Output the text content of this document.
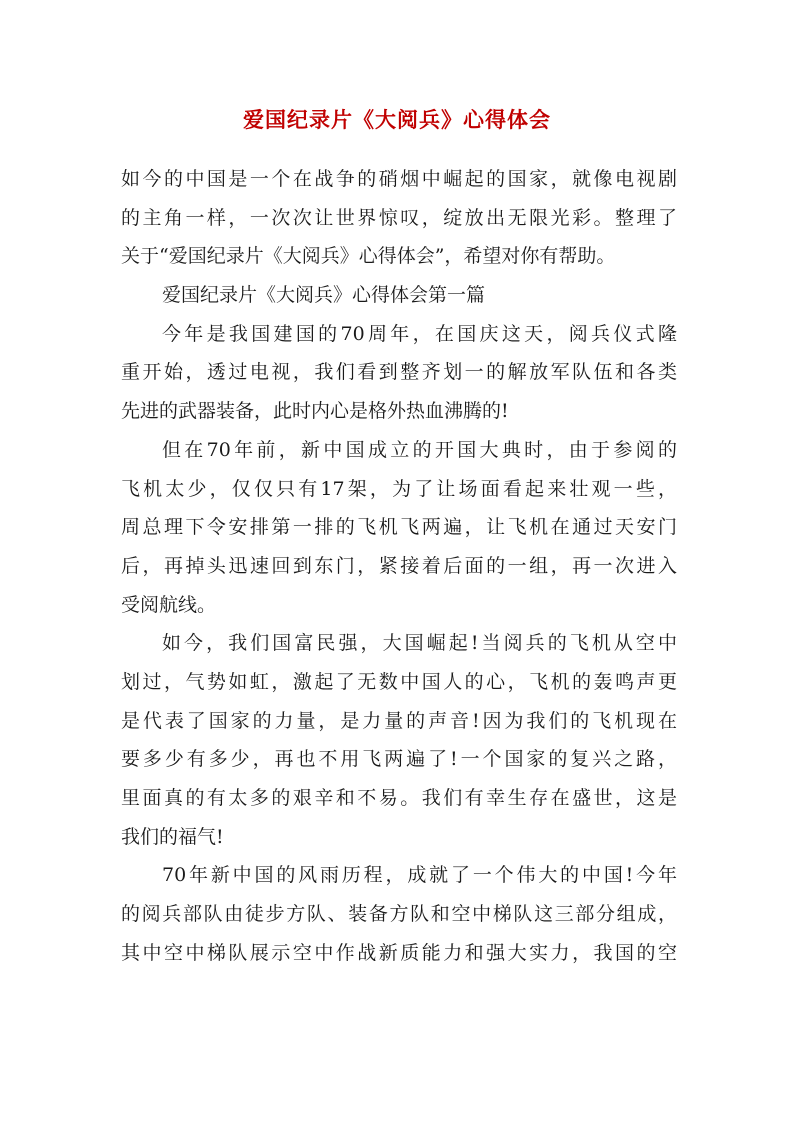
爱国纪录片《大阅兵》心得体会
如今的中国是一个在战争的硝烟中崛起的国家，就像电视剧
的主角一样，一次次让世界惊叹，绽放出无限光彩。整理了
关于“爱国纪录片《大阅兵》心得体会”，希望对你有帮助。
爱国纪录片《大阅兵》心得体会第一篇
今年是我国建国的70周年，在国庆这天，阅兵仪式隆
重开始，透过电视，我们看到整齐划一的解放军队伍和各类
先进的武器装备，此时内心是格外热血沸腾的!
但在70年前，新中国成立的开国大典时，由于参阅的
飞机太少，仅仅只有17架，为了让场面看起来壮观一些，
周总理下令安排第一排的飞机飞两遍，让飞机在通过天安门
后，再掉头迅速回到东门，紧接着后面的一组，再一次进入
受阅航线。
如今，我们国富民强，大国崛起!当阅兵的飞机从空中
划过，气势如虹，激起了无数中国人的心，飞机的轰鸣声更
是代表了国家的力量，是力量的声音!因为我们的飞机现在
要多少有多少，再也不用飞两遍了!一个国家的复兴之路，
里面真的有太多的艰辛和不易。我们有幸生存在盛世，这是
我们的福气!
70年新中国的风雨历程，成就了一个伟大的中国!今年
的阅兵部队由徒步方队、装备方队和空中梯队这三部分组成，
其中空中梯队展示空中作战新质能力和强大实力，我国的空
